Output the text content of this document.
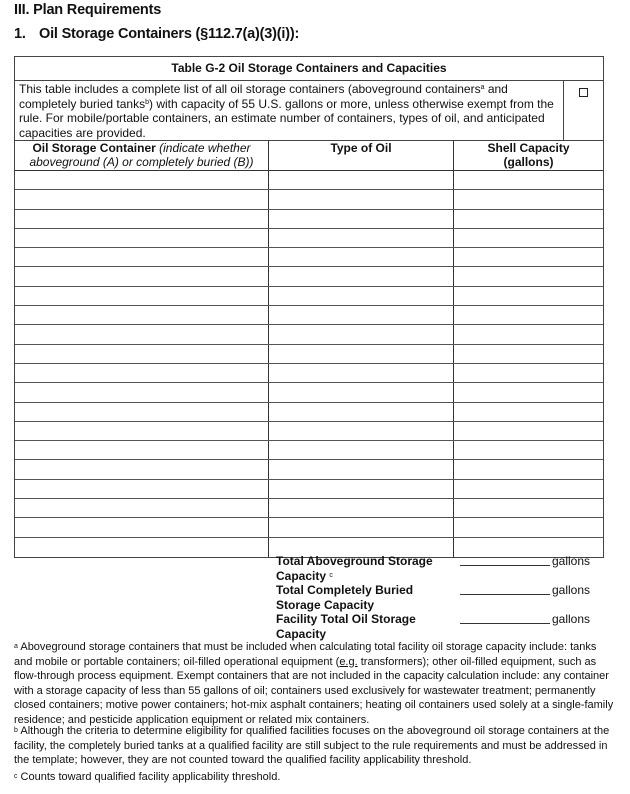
III. Plan Requirements
1. Oil Storage Containers (§112.7(a)(3)(i)):
Table G-2 Oil Storage Containers and Capacities
This table includes a complete list of all oil storage containers (aboveground containers$^a$ and completely buried tanks$^b$) with capacity of 55 U.S. gallons or more, unless otherwise exempt from the rule. For mobile/portable containers, an estimate number of containers, types of oil, and anticipated capacities are provided.
Oil Storage Container (indicate whether aboveground (A) or completely buried (B))
Type of Oil	Shell Capacity (gallons)
Total Aboveground Storage
Capacity $^c$
gallons
Total Completely Buried
Storage Capacity
gallons
Facility Total Oil Storage
Capacity
gallons
$^a$ Aboveground storage containers that must be included when calculating total facility oil storage capacity include: tanks and mobile or portable containers; oil-filled operational equipment (e.g. transformers); other oil-filled equipment, such as flow-through process equipment. Exempt containers that are not included in the capacity calculation include: any container with a storage capacity of less than 55 gallons of oil; containers used exclusively for wastewater treatment; permanently closed containers; motive power containers; hot-mix asphalt containers; heating oil containers used solely at a single-family residence; and pesticide application equipment or related mix containers.
$^b$ Although the criteria to determine eligibility for qualified facilities focuses on the aboveground oil storage containers at the facility, the completely buried tanks at a qualified facility are still subject to the rule requirements and must be addressed in the template; however, they are not counted toward the qualified facility applicability threshold.
$^c$ Counts toward qualified facility applicability threshold.
